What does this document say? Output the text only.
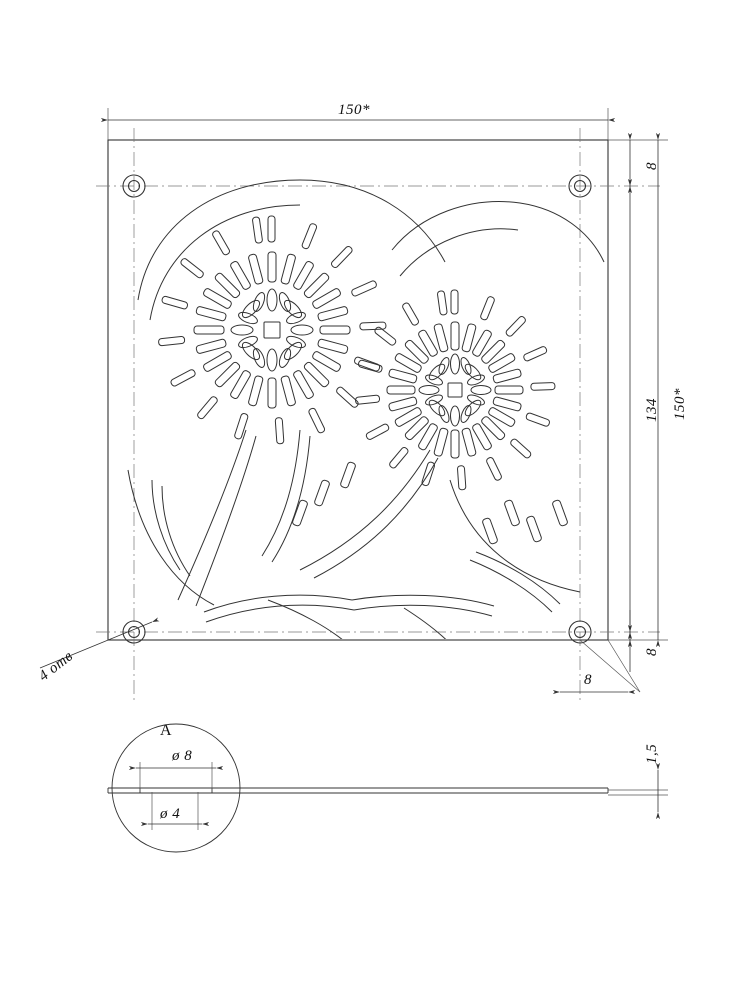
150*
150*
134
8
8
8
1,5
4 отв
A
ø 8
ø 4
